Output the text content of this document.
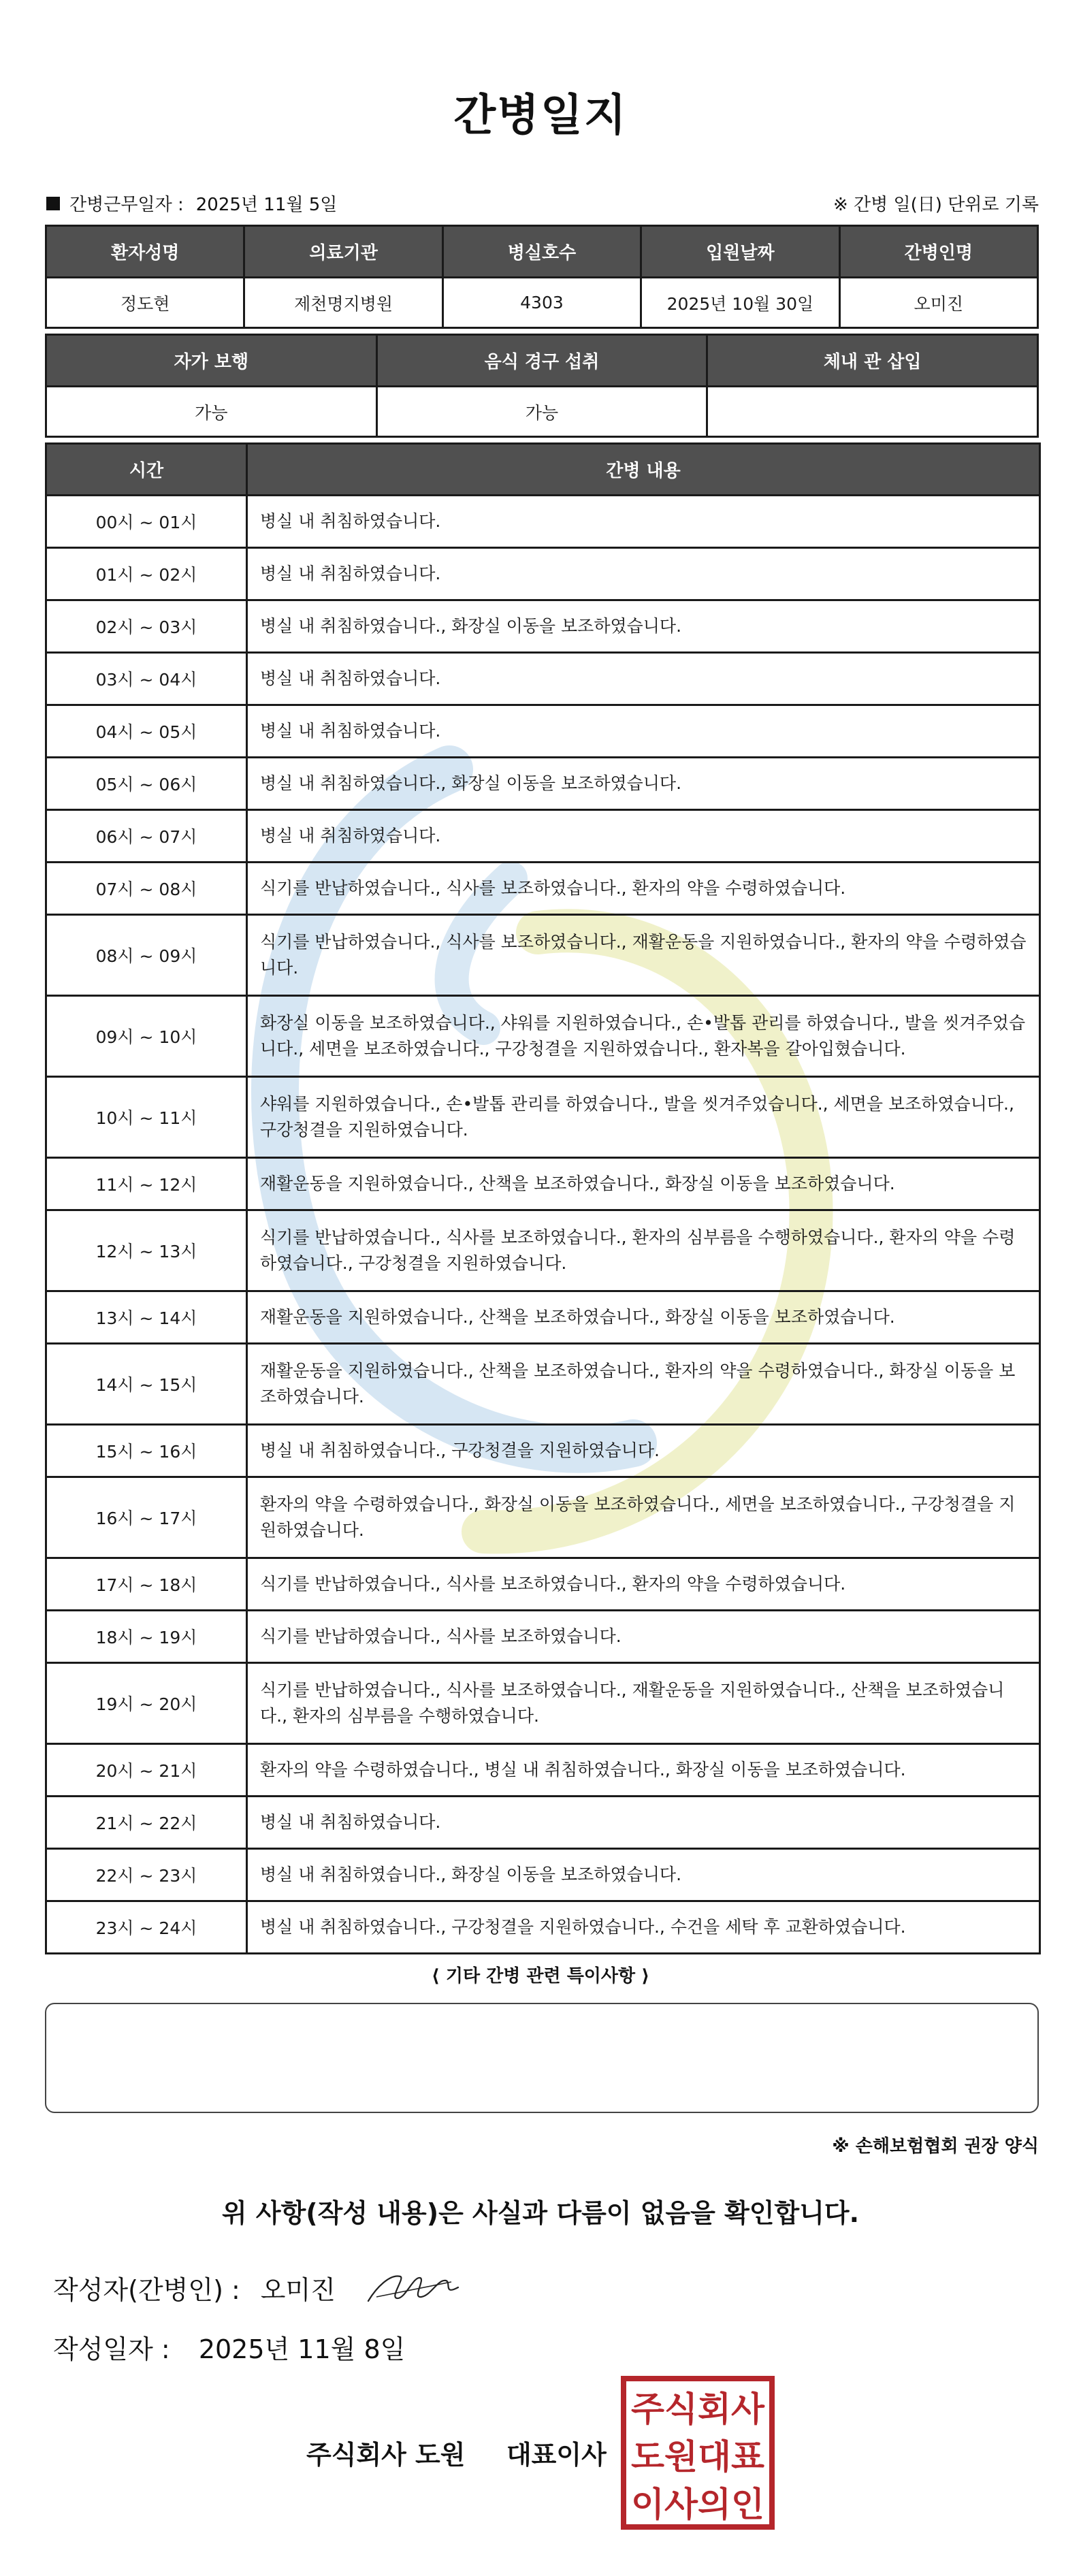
간병일지
간병근무일자 : 2025년 11월 5일	※ 간병 일(日) 단위로 기록
환자성명	의료기관	병실호수	입원날짜	간병인명
정도현	제천명지병원	4303	2025년 10월 30일	오미진
자가 보행	음식 경구 섭취	체내 관 삽입
가능	가능	
시간	간병 내용
00시 ~ 01시	병실 내 취침하였습니다.
01시 ~ 02시	병실 내 취침하였습니다.
02시 ~ 03시	병실 내 취침하였습니다., 화장실 이동을 보조하였습니다.
03시 ~ 04시	병실 내 취침하였습니다.
04시 ~ 05시	병실 내 취침하였습니다.
05시 ~ 06시	병실 내 취침하였습니다., 화장실 이동을 보조하였습니다.
06시 ~ 07시	병실 내 취침하였습니다.
07시 ~ 08시	식기를 반납하였습니다., 식사를 보조하였습니다., 환자의 약을 수령하였습니다.
08시 ~ 09시	식기를 반납하였습니다., 식사를 보조하였습니다., 재활운동을 지원하였습니다., 환자의 약을 수령하였습니다.
09시 ~ 10시	화장실 이동을 보조하였습니다., 샤워를 지원하였습니다., 손•발톱 관리를 하였습니다., 발을 씻겨주었습니다., 세면을 보조하였습니다., 구강청결을 지원하였습니다., 환자복을 갈아입혔습니다.
10시 ~ 11시	샤워를 지원하였습니다., 손•발톱 관리를 하였습니다., 발을 씻겨주었습니다., 세면을 보조하였습니다., 구강청결을 지원하였습니다.
11시 ~ 12시	재활운동을 지원하였습니다., 산책을 보조하였습니다., 화장실 이동을 보조하였습니다.
12시 ~ 13시	식기를 반납하였습니다., 식사를 보조하였습니다., 환자의 심부름을 수행하였습니다., 환자의 약을 수령하였습니다., 구강청결을 지원하였습니다.
13시 ~ 14시	재활운동을 지원하였습니다., 산책을 보조하였습니다., 화장실 이동을 보조하였습니다.
14시 ~ 15시	재활운동을 지원하였습니다., 산책을 보조하였습니다., 환자의 약을 수령하였습니다., 화장실 이동을 보조하였습니다.
15시 ~ 16시	병실 내 취침하였습니다., 구강청결을 지원하였습니다.
16시 ~ 17시	환자의 약을 수령하였습니다., 화장실 이동을 보조하였습니다., 세면을 보조하였습니다., 구강청결을 지원하였습니다.
17시 ~ 18시	식기를 반납하였습니다., 식사를 보조하였습니다., 환자의 약을 수령하였습니다.
18시 ~ 19시	식기를 반납하였습니다., 식사를 보조하였습니다.
19시 ~ 20시	식기를 반납하였습니다., 식사를 보조하였습니다., 재활운동을 지원하였습니다., 산책을 보조하였습니다., 환자의 심부름을 수행하였습니다.
20시 ~ 21시	환자의 약을 수령하였습니다., 병실 내 취침하였습니다., 화장실 이동을 보조하였습니다.
21시 ~ 22시	병실 내 취침하였습니다.
22시 ~ 23시	병실 내 취침하였습니다., 화장실 이동을 보조하였습니다.
23시 ~ 24시	병실 내 취침하였습니다., 구강청결을 지원하였습니다., 수건을 세탁 후 교환하였습니다.
⟨ 기타 간병 관련 특이사항 ⟩
※ 손해보험협회 권장 양식
위 사항(작성 내용)은 사실과 다름이 없음을 확인합니다.
작성자(간병인) : 오미진
작성일자 : 2025년 11월 8일
주식회사 도원 대표이사
주식회사
도원대표
이사의인
